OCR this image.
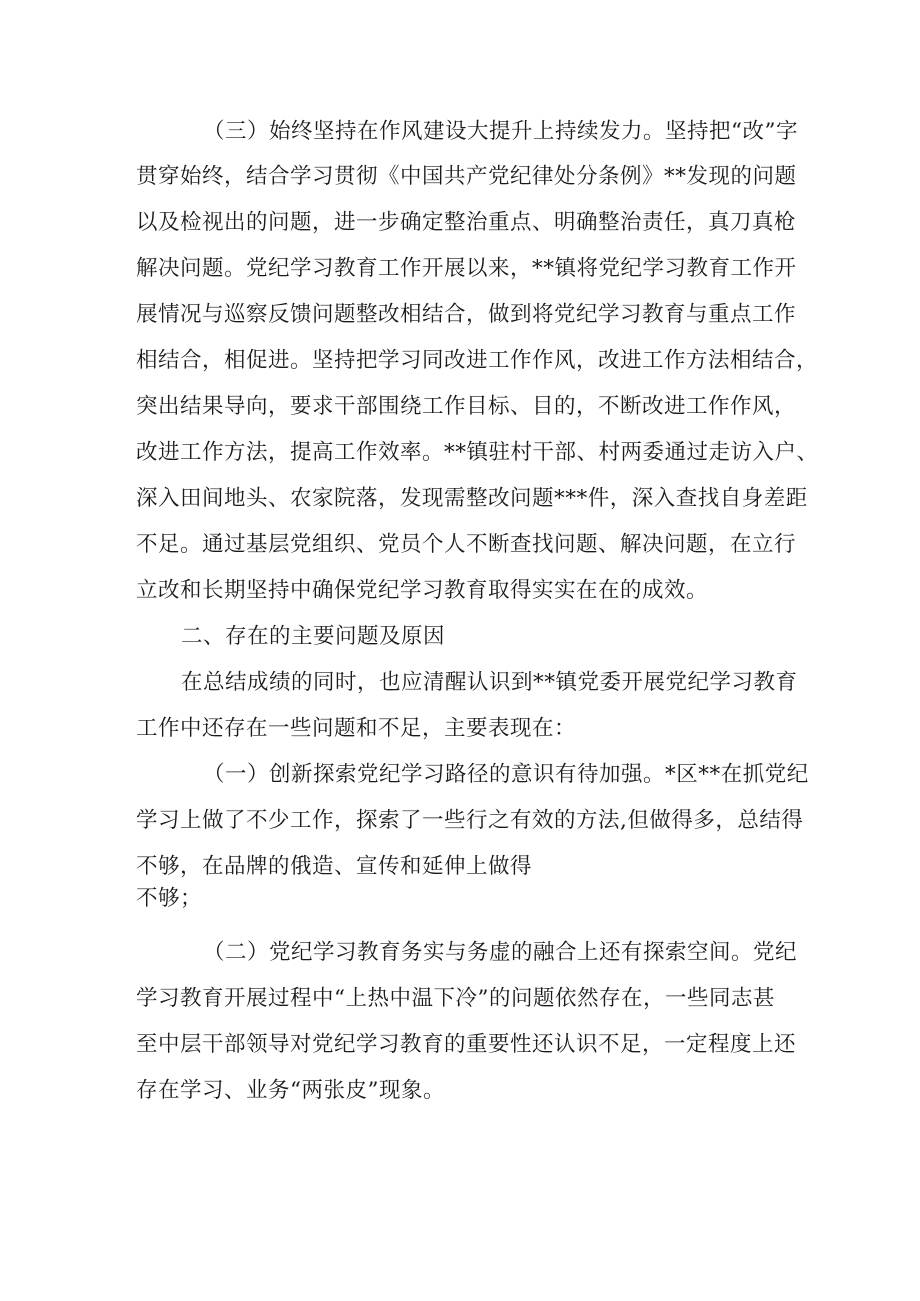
（三）始终坚持在作风建设大提升上持续发力。坚持把“改”字
贯穿始终，结合学习贯彻《中国共产党纪律处分条例》**发现的问题
以及检视出的问题，进一步确定整治重点、明确整治责任，真刀真枪
解决问题。党纪学习教育工作开展以来，**镇将党纪学习教育工作开
展情况与巡察反馈问题整改相结合，做到将党纪学习教育与重点工作
相结合，相促进。坚持把学习同改进工作作风，改进工作方法相结合，
突出结果导向，要求干部围绕工作目标、目的，不断改进工作作风，
改进工作方法，提高工作效率。**镇驻村干部、村两委通过走访入户、
深入田间地头、农家院落，发现需整改问题***件，深入查找自身差距
不足。通过基层党组织、党员个人不断查找问题、解决问题，在立行
立改和长期坚持中确保党纪学习教育取得实实在在的成效。
二、存在的主要问题及原因
在总结成绩的同时，也应清醒认识到**镇党委开展党纪学习教育
工作中还存在一些问题和不足，主要表现在：
（一）创新探索党纪学习路径的意识有待加强。*区**在抓党纪
学习上做了不少工作，探索了一些行之有效的方法,但做得多，总结得
不够，在品牌的俄造、宣传和延伸上做得
不够；
（二）党纪学习教育务实与务虚的融合上还有探索空间。党纪
学习教育开展过程中“上热中温下冷”的问题依然存在，一些同志甚
至中层干部领导对党纪学习教育的重要性还认识不足，一定程度上还
存在学习、业务“两张皮”现象。
